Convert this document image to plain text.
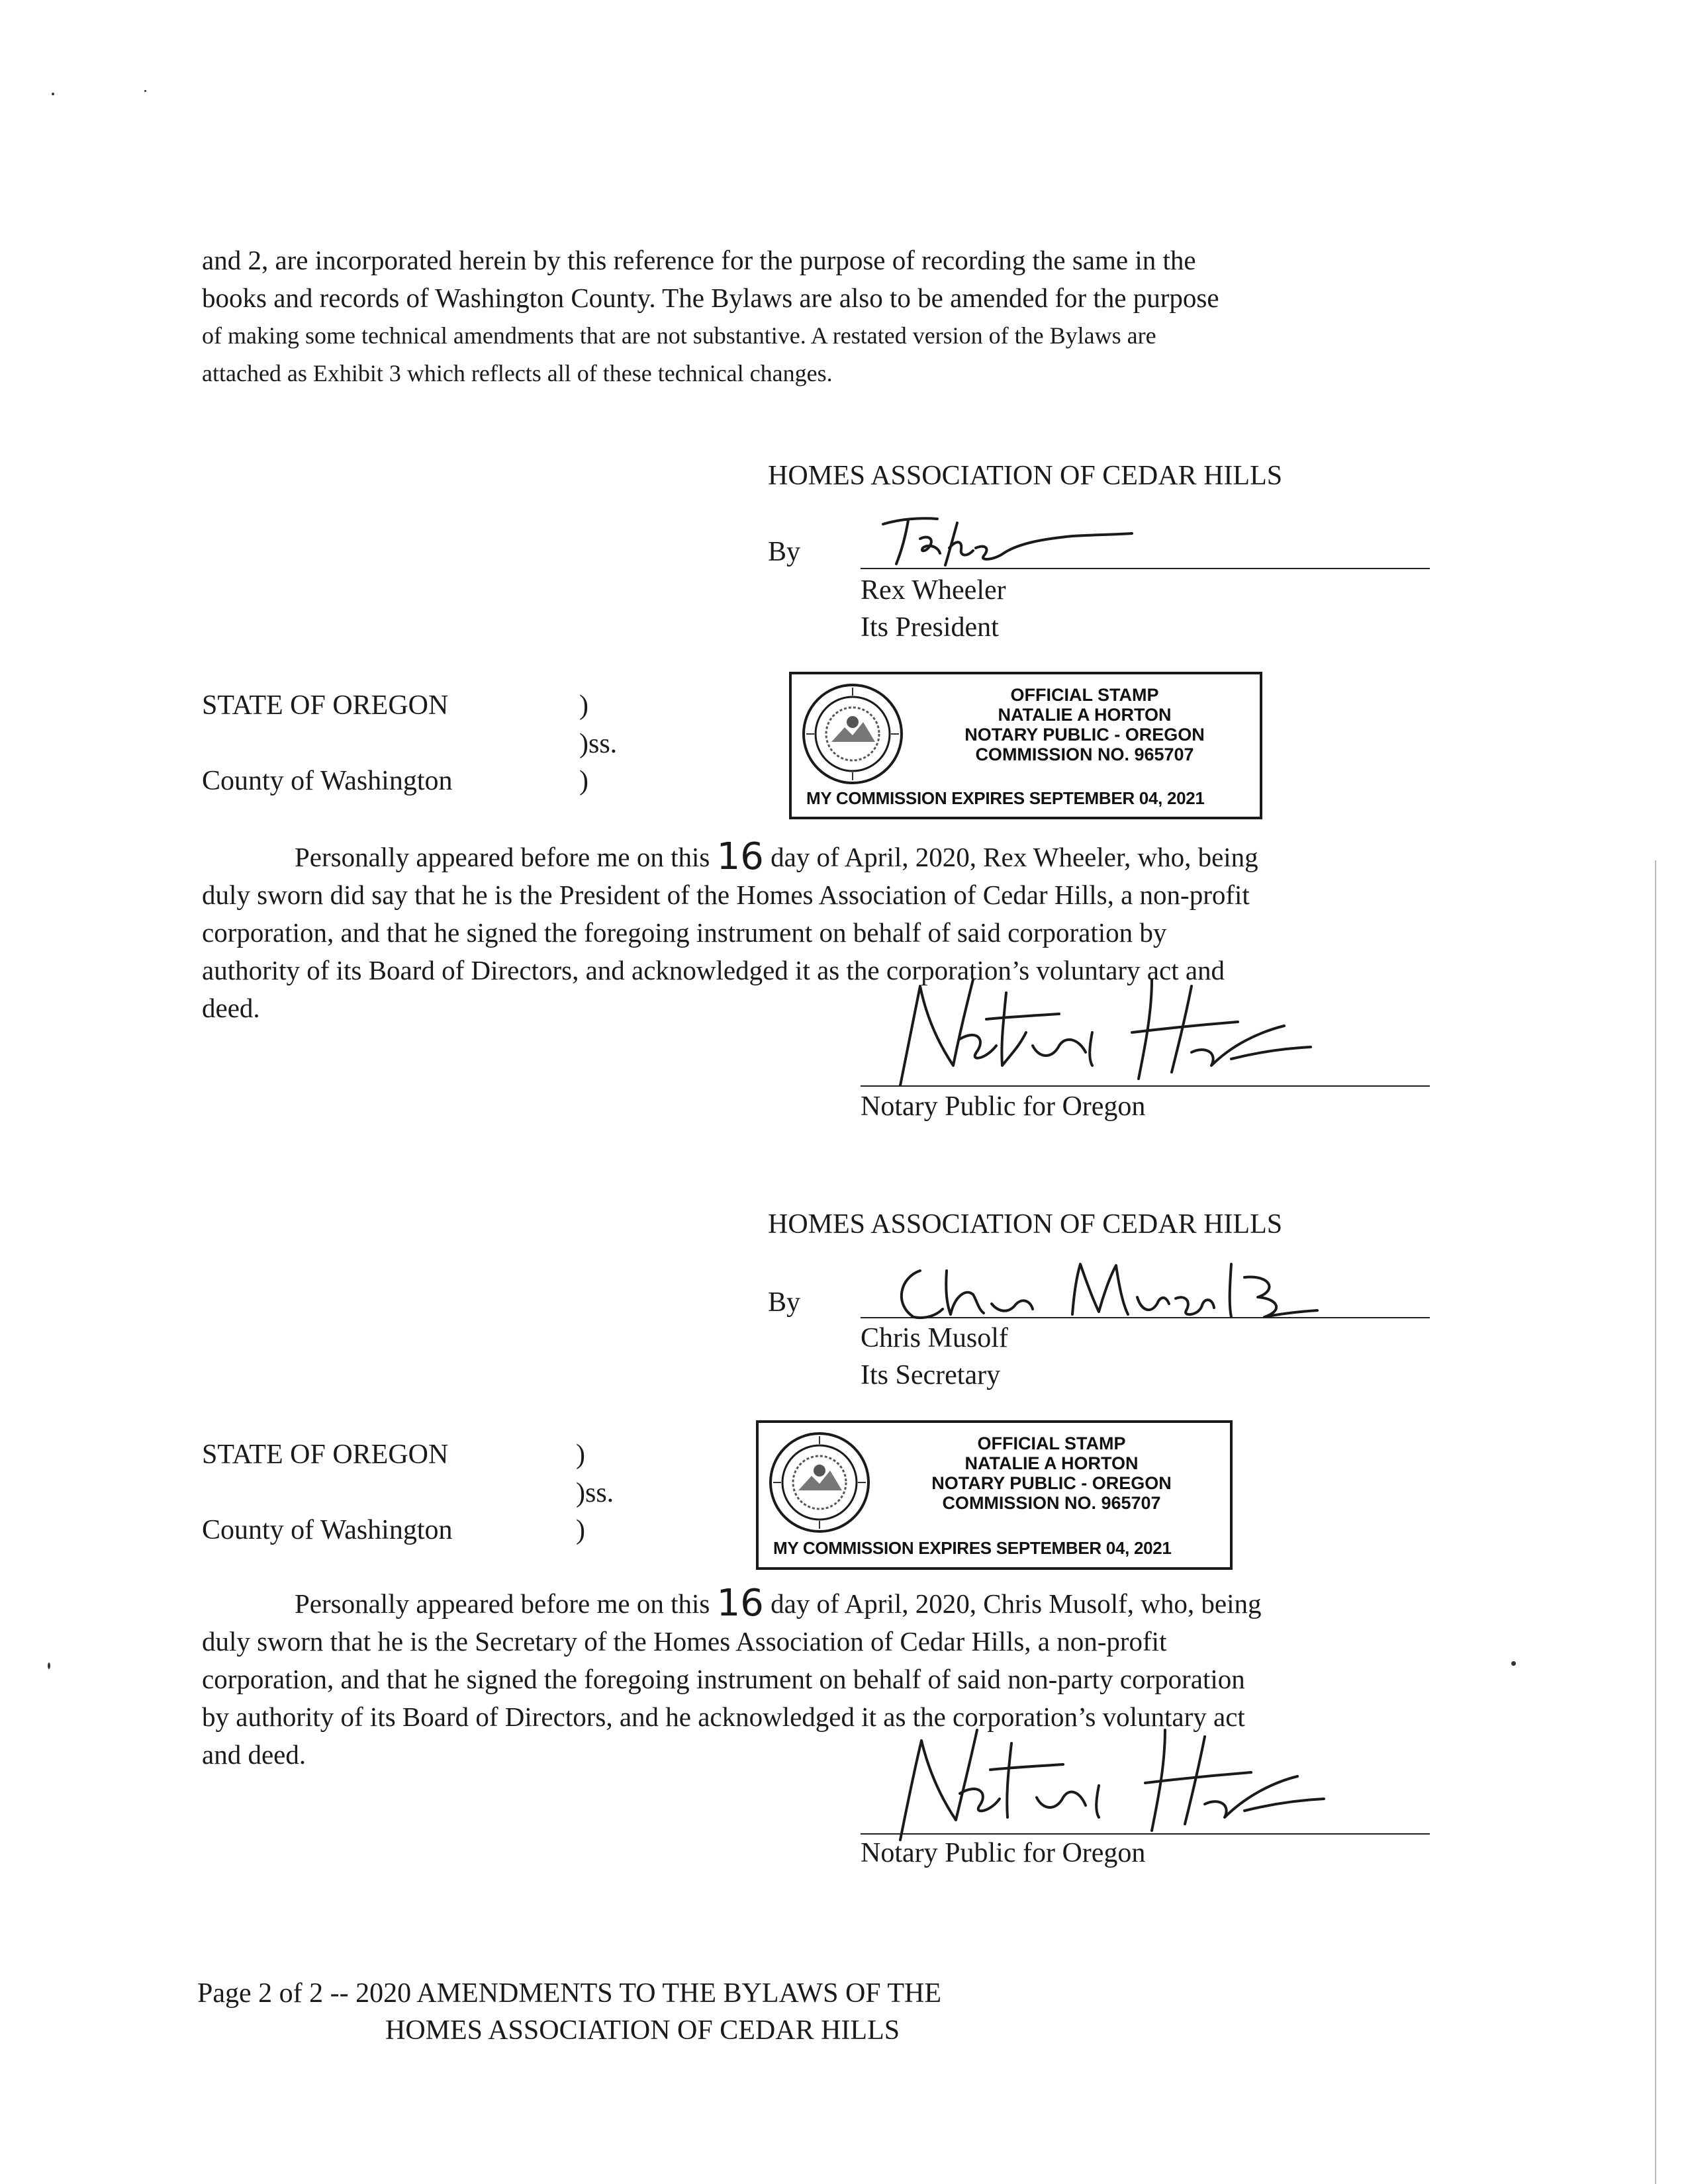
and 2, are incorporated herein by this reference for the purpose of recording the same in the
books and records of Washington County. The Bylaws are also to be amended for the purpose
of making some technical amendments that are not substantive. A restated version of the Bylaws are
attached as Exhibit 3 which reflects all of these technical changes.
HOMES ASSOCIATION OF CEDAR HILLS
By
Rex Wheeler
Its President
STATE OF OREGON	)
)ss.
County of Washington	)
OFFICIAL STAMP
NATALIE A HORTON
NOTARY PUBLIC - OREGON
COMMISSION NO. 965707
MY COMMISSION EXPIRES SEPTEMBER 04, 2021
Personally appeared before me on this 16 day of April, 2020, Rex Wheeler, who, being
duly sworn did say that he is the President of the Homes Association of Cedar Hills, a non-profit
corporation, and that he signed the foregoing instrument on behalf of said corporation by
authority of its Board of Directors, and acknowledged it as the corporation’s voluntary act and
deed.
Notary Public for Oregon
HOMES ASSOCIATION OF CEDAR HILLS
By
Chris Musolf
Its Secretary
STATE OF OREGON	)
)ss.
County of Washington	)
OFFICIAL STAMP
NATALIE A HORTON
NOTARY PUBLIC - OREGON
COMMISSION NO. 965707
MY COMMISSION EXPIRES SEPTEMBER 04, 2021
Personally appeared before me on this 16 day of April, 2020, Chris Musolf, who, being
duly sworn that he is the Secretary of the Homes Association of Cedar Hills, a non-profit
corporation, and that he signed the foregoing instrument on behalf of said non-party corporation
by authority of its Board of Directors, and he acknowledged it as the corporation’s voluntary act
and deed.
Notary Public for Oregon
Page 2 of 2 -- 2020 AMENDMENTS TO THE BYLAWS OF THE
HOMES ASSOCIATION OF CEDAR HILLS
